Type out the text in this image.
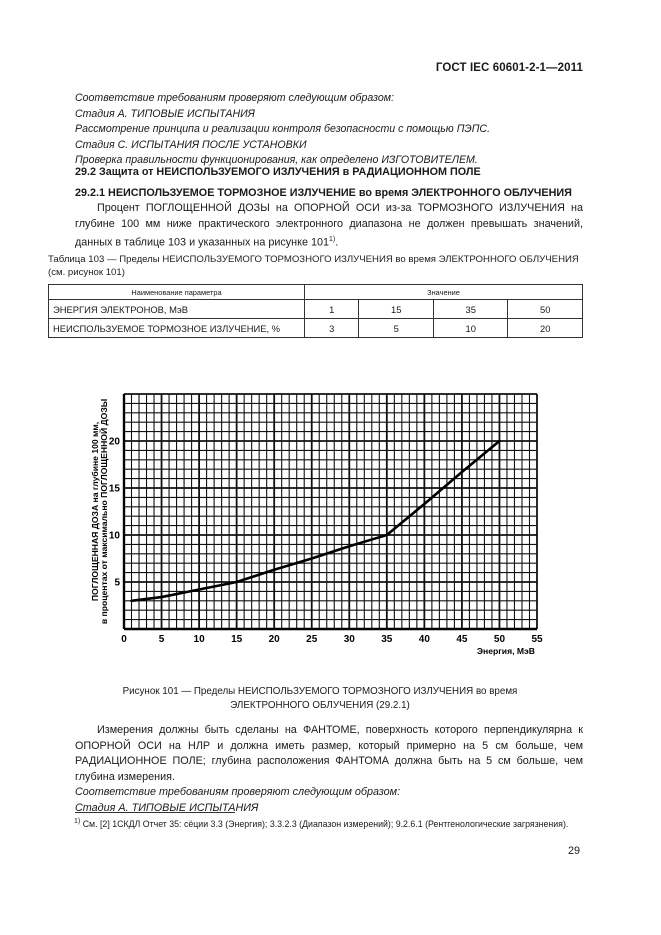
ГОСТ IEC 60601-2-1—2011
Соответствие требованиям проверяют следующим образом:
Стадия А. ТИПОВЫЕ ИСПЫТАНИЯ
Рассмотрение принципа и реализации контроля безопасности с помощью ПЭПС.
Стадия С. ИСПЫТАНИЯ ПОСЛЕ УСТАНОВКИ
Проверка правильности функционирования, как определено ИЗГОТОВИТЕЛЕМ.
29.2 Защита от НЕИСПОЛЬЗУЕМОГО ИЗЛУЧЕНИЯ в РАДИАЦИОННОМ ПОЛЕ
29.2.1 НЕИСПОЛЬЗУЕМОЕ ТОРМОЗНОЕ ИЗЛУЧЕНИЕ во время ЭЛЕКТРОННОГО ОБЛУЧЕНИЯ

Процент ПОГЛОЩЕННОЙ ДОЗЫ на ОПОРНОЙ ОСИ из-за ТОРМОЗНОГО ИЗЛУЧЕНИЯ на глубине 100 мм ниже практического электронного диапазона не должен превышать значений, данных в таблице 103 и указанных на рисунке 101$^{1)}$.

Таблица 103 — Пределы НЕИСПОЛЬЗУЕМОГО ТОРМОЗНОГО ИЗЛУЧЕНИЯ во время ЭЛЕКТРОННОГО ОБЛУЧЕНИЯ (см. рисунок 101)
Наименование параметра	Значение			
ЭНЕРГИЯ ЭЛЕКТРОНОВ, МэВ	1	15	35	50
НЕИСПОЛЬЗУЕМОЕ ТОРМОЗНОЕ ИЗЛУЧЕНИЕ, %	3	5	10	20
ПОГЛОЩЕННАЯ ДОЗА на глубине 100 мм, в процентах от максимально ПОГЛОЩЕННОЙ ДОЗЫ
Энергия, МэВ
0	5	10	15	20	25	30	35	40	45	50	55
5
10
15
20
Рисунок 101 — Пределы НЕИСПОЛЬЗУЕМОГО ТОРМОЗНОГО ИЗЛУЧЕНИЯ во время
ЭЛЕКТРОННОГО ОБЛУЧЕНИЯ (29.2.1)

Измерения должны быть сделаны на ФАНТОМЕ, поверхность которого перпендикулярна к ОПОРНОЙ ОСИ на НЛР и должна иметь размер, который примерно на 5 см больше, чем РАДИАЦИОННОЕ ПОЛЕ; глубина расположения ФАНТОМА должна быть на 5 см больше, чем глубина измерения.

Соответствие требованиям проверяют следующим образом:

Стадия А. ТИПОВЫЕ ИСПЫТАНИЯ

$^{1)}$ См. [2] 1СКДЛ Отчет 35: сёции 3.3 (Энергия); 3.3.2.3 (Диапазон измерений); 9.2.6.1 (Рентгенологические загрязнения).
29
